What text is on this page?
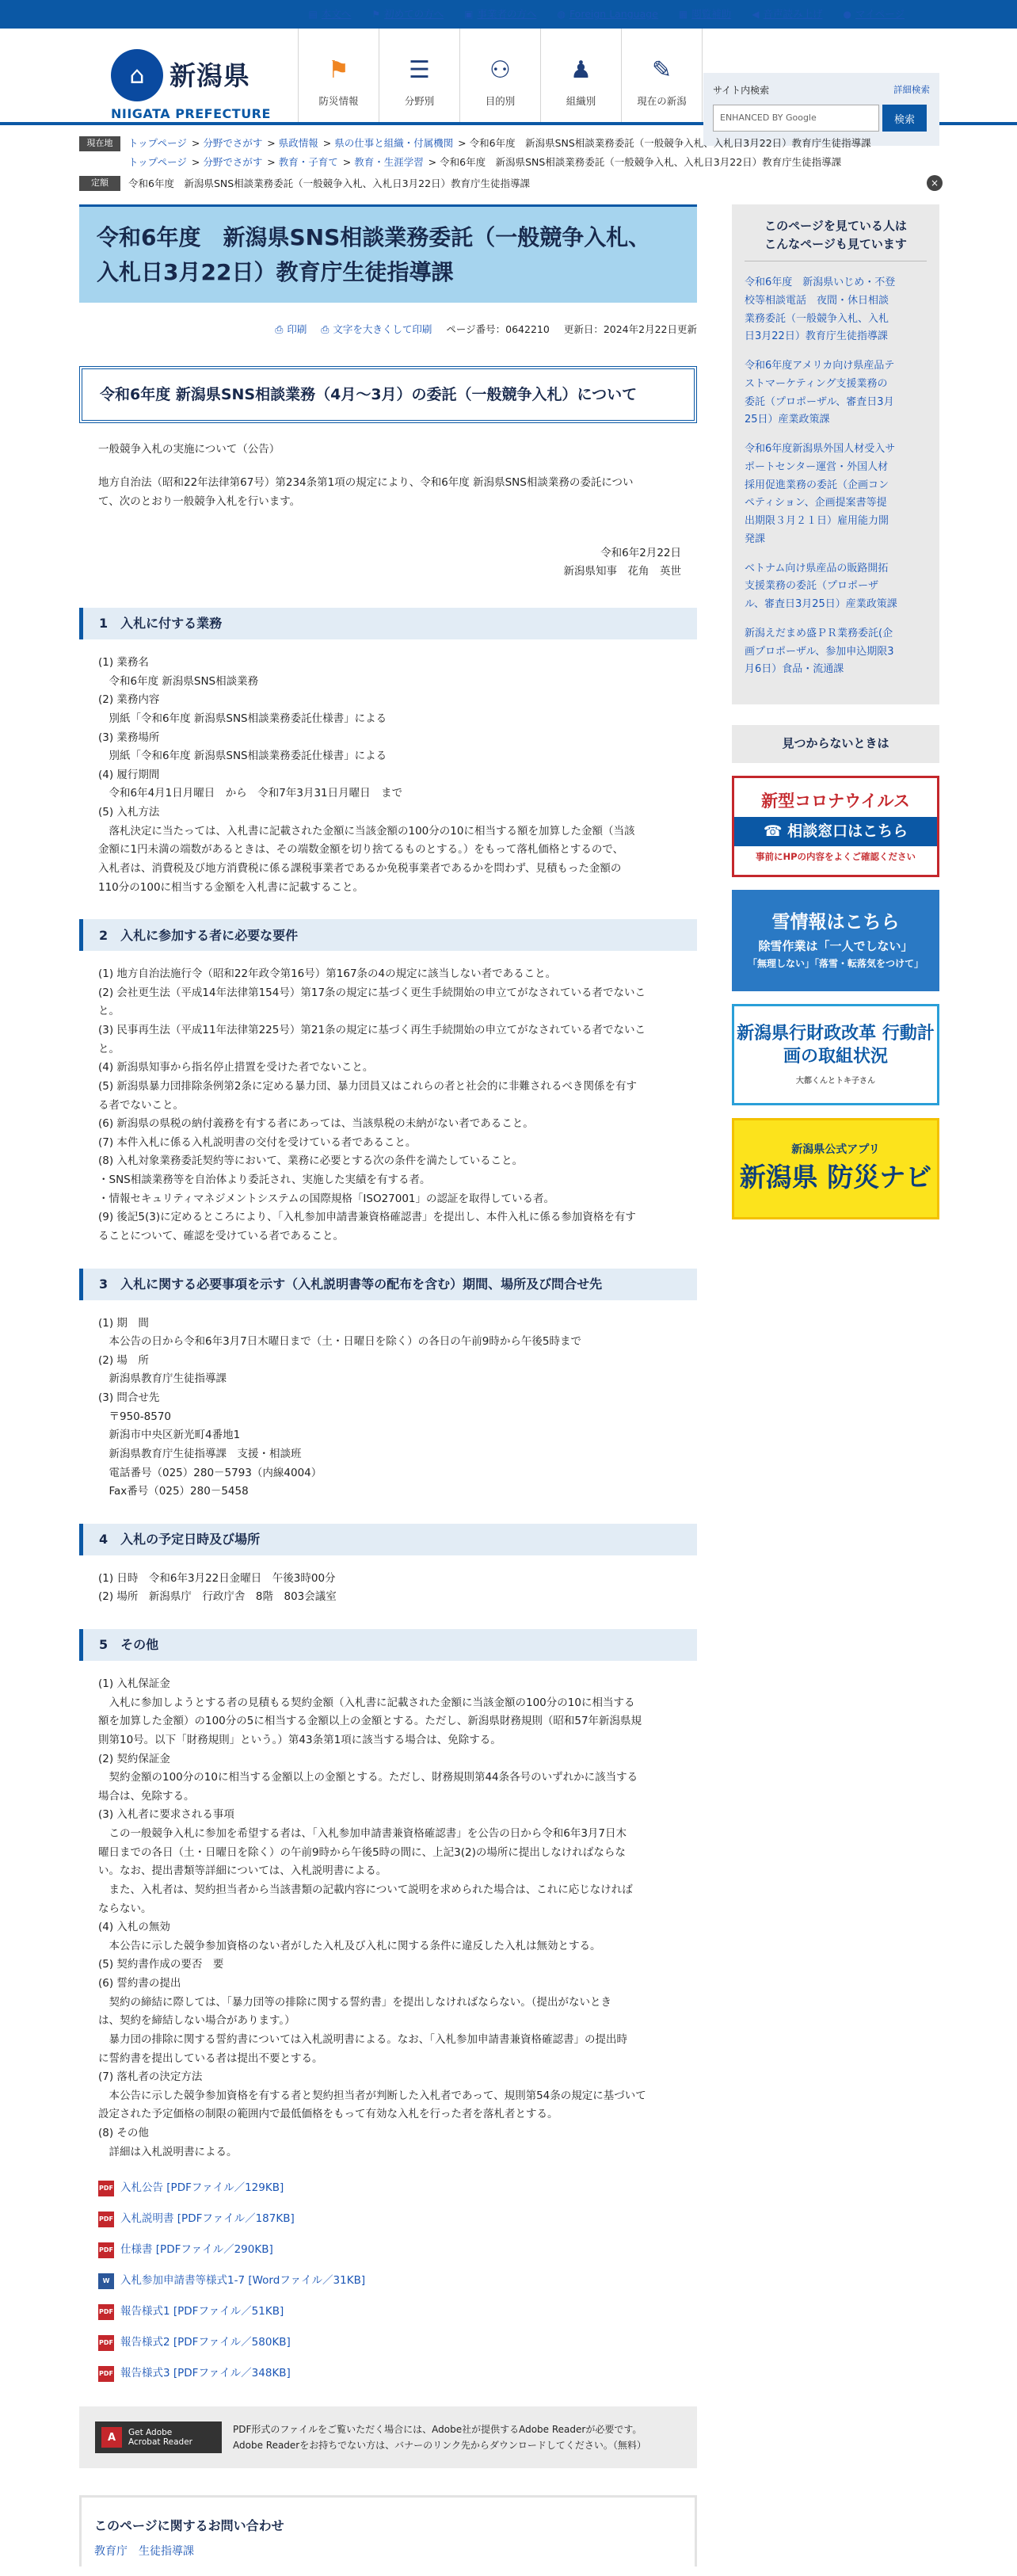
▤ 本文へ ⚑ 初めての方へ ▣ 事業者の方へ ◍ Foreign Language ▦ 閲覧補助 ◀ 音声読み上げ ● マイページ
⌂ 新潟県
NIIGATA PREFECTURE
⚑
防災情報
☰
分野別
⚇
目的別
♟
組織別
✎
現在の新潟
サイト内検索	詳細検索
ENHANCED BY Google	検索
現在地	トップページ > 分野でさがす > 県政情報 > 県の仕事と組織・付属機関 > 令和6年度　新潟県SNS相談業務委託（一般競争入札、入札日3月22日）教育庁生徒指導課
トップページ > 分野でさがす > 教育・子育て > 教育・生涯学習 > 令和6年度　新潟県SNS相談業務委託（一般競争入札、入札日3月22日）教育庁生徒指導課
定額	令和6年度　新潟県SNS相談業務委託（一般競争入札、入札日3月22日）教育庁生徒指導課	×
令和6年度　新潟県SNS相談業務委託（一般競争入札、
入札日3月22日）教育庁生徒指導課
⎙ 印刷 ⎙ 文字を大きくして印刷 ページ番号：0642210 更新日：2024年2月22日更新
令和6年度 新潟県SNS相談業務（4月～3月）の委託（一般競争入札）について
一般競争入札の実施について（公告）
地方自治法（昭和22年法律第67号）第234条第1項の規定により、令和6年度 新潟県SNS相談業務の委託につい
て、次のとおり一般競争入札を行います。
令和6年2月22日
新潟県知事　花角　英世
1　入札に付する業務
(1) 業務名
　令和6年度 新潟県SNS相談業務
(2) 業務内容
　別紙「令和6年度 新潟県SNS相談業務委託仕様書」による
(3) 業務場所
　別紙「令和6年度 新潟県SNS相談業務委託仕様書」による
(4) 履行期間
　令和6年4月1日月曜日　から　令和7年3月31日月曜日　まで
(5) 入札方法
　落札決定に当たっては、入札書に記載された金額に当該金額の100分の10に相当する額を加算した金額（当該
金額に1円未満の端数があるときは、その端数金額を切り捨てるものとする。）をもって落札価格とするので、
入札者は、消費税及び地方消費税に係る課税事業者であるか免税事業者であるかを問わず、見積もった金額の
110分の100に相当する金額を入札書に記載すること。
2　入札に参加する者に必要な要件
(1) 地方自治法施行令（昭和22年政令第16号）第167条の4の規定に該当しない者であること。
(2) 会社更生法（平成14年法律第154号）第17条の規定に基づく更生手続開始の申立てがなされている者でないこ
と。
(3) 民事再生法（平成11年法律第225号）第21条の規定に基づく再生手続開始の申立てがなされている者でないこ
と。
(4) 新潟県知事から指名停止措置を受けた者でないこと。
(5) 新潟県暴力団排除条例第2条に定める暴力団、暴力団員又はこれらの者と社会的に非難されるべき関係を有す
る者でないこと。
(6) 新潟県の県税の納付義務を有する者にあっては、当該県税の未納がない者であること。
(7) 本件入札に係る入札説明書の交付を受けている者であること。
(8) 入札対象業務委託契約等において、業務に必要とする次の条件を満たしていること。
・SNS相談業務等を自治体より委託され、実施した実績を有する者。
・情報セキュリティマネジメントシステムの国際規格「ISO27001」の認証を取得している者。
(9) 後記5(3)に定めるところにより、「入札参加申請書兼資格確認書」を提出し、本件入札に係る参加資格を有す
ることについて、確認を受けている者であること。
3　入札に関する必要事項を示す（入札説明書等の配布を含む）期間、場所及び問合せ先
(1) 期　間
　本公告の日から令和6年3月7日木曜日まで（土・日曜日を除く）の各日の午前9時から午後5時まで
(2) 場　所
　新潟県教育庁生徒指導課
(3) 問合せ先
　〒950-8570
　新潟市中央区新光町4番地1
　新潟県教育庁生徒指導課　支援・相談班
　電話番号（025）280－5793（内線4004）
　Fax番号（025）280－5458
4　入札の予定日時及び場所
(1) 日時　令和6年3月22日金曜日　午後3時00分
(2) 場所　新潟県庁　行政庁舎　8階　803会議室
5　その他
(1) 入札保証金
　入札に参加しようとする者の見積もる契約金額（入札書に記載された金額に当該金額の100分の10に相当する
額を加算した金額）の100分の5に相当する金額以上の金額とする。ただし、新潟県財務規則（昭和57年新潟県規
則第10号。以下「財務規則」という。）第43条第1項に該当する場合は、免除する。
(2) 契約保証金
　契約金額の100分の10に相当する金額以上の金額とする。ただし、財務規則第44条各号のいずれかに該当する
場合は、免除する。
(3) 入札者に要求される事項
　この一般競争入札に参加を希望する者は、「入札参加申請書兼資格確認書」を公告の日から令和6年3月7日木
曜日までの各日（土・日曜日を除く）の午前9時から午後5時の間に、上記3(2)の場所に提出しなければならな
い。なお、提出書類等詳細については、入札説明書による。
　また、入札者は、契約担当者から当該書類の記載内容について説明を求められた場合は、これに応じなければ
ならない。
(4) 入札の無効
　本公告に示した競争参加資格のない者がした入札及び入札に関する条件に違反した入札は無効とする。
(5) 契約書作成の要否　要
(6) 誓約書の提出
　契約の締結に際しては、「暴力団等の排除に関する誓約書」を提出しなければならない。（提出がないとき
は、契約を締結しない場合があります。）
　暴力団の排除に関する誓約書については入札説明書による。なお、「入札参加申請書兼資格確認書」の提出時
に誓約書を提出している者は提出不要とする。
(7) 落札者の決定方法
　本公告に示した競争参加資格を有する者と契約担当者が判断した入札者であって、規則第54条の規定に基づいて
設定された予定価格の制限の範囲内で最低価格をもって有効な入札を行った者を落札者とする。
(8) その他
　詳細は入札説明書による。
PDF 入札公告 [PDFファイル／129KB]
PDF 入札説明書 [PDFファイル／187KB]
PDF 仕様書 [PDFファイル／290KB]
W	入札参加申請書等様式1-7 [Wordファイル／31KB]
PDF 報告様式1 [PDFファイル／51KB]
PDF 報告様式2 [PDFファイル／580KB]
PDF 報告様式3 [PDFファイル／348KB]
A	Get Adobe
Acrobat Reader
PDF形式のファイルをご覧いただく場合には、Adobe社が提供するAdobe Readerが必要です。
Adobe Readerをお持ちでない方は、バナーのリンク先からダウンロードしてください。（無料）
このページに関するお問い合わせ
教育庁　生徒指導課
このページを見ている人は
こんなページも見ています
令和6年度　新潟県いじめ・不登
校等相談電話　夜間・休日相談
業務委託（一般競争入札、入札
日3月22日）教育庁生徒指導課
令和6年度アメリカ向け県産品テ
ストマーケティング支援業務の
委託（プロポーザル、審査日3月
25日）産業政策課
令和6年度新潟県外国人材受入サ
ポートセンター運営・外国人材
採用促進業務の委託（企画コン
ペティション、企画提案書等提
出期限３月２１日）雇用能力開
発課
ベトナム向け県産品の販路開拓
支援業務の委託（プロポーザ
ル、審査日3月25日）産業政策課
新潟えだまめ盛ＰＲ業務委託(企
画プロポーザル、参加申込期限3
月6日）食品・流通課
見つからないときは
新型コロナウイルス
☎ 相談窓口はこちら
事前にHPの内容をよくご確認ください
雪情報はこちら
除雪作業は「一人でしない」
「無理しない」「落雪・転落気をつけて」
新潟県行財政改革 行動計画の取組状況
大都くんとトキ子さん
新潟県公式アプリ
新潟県 防災ナビ
